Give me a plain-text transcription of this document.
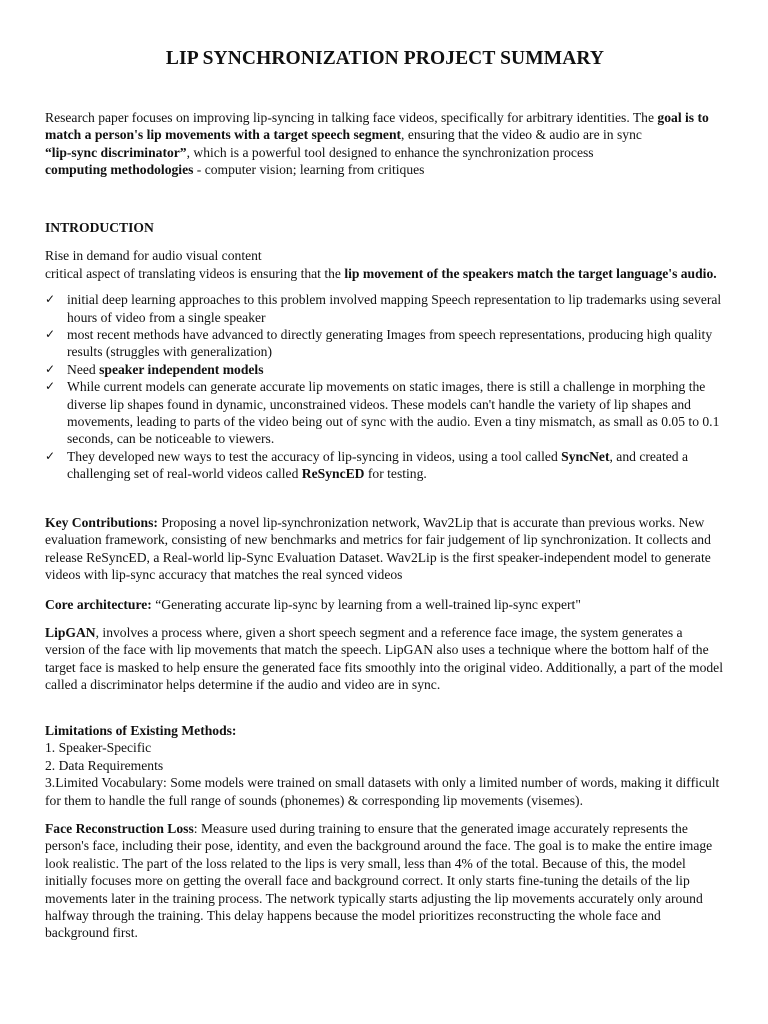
LIP SYNCHRONIZATION PROJECT SUMMARY

Research paper focuses on improving lip-syncing in talking face videos, specifically for arbitrary identities. The goal is to match a person's lip movements with a target speech segment, ensuring that the video & audio are in sync

“lip-sync discriminator”, which is a powerful tool designed to enhance the synchronization process

computing methodologies - computer vision; learning from critiques

INTRODUCTION

Rise in demand for audio visual content

critical aspect of translating videos is ensuring that the lip movement of the speakers match the target language's audio.

✓ initial deep learning approaches to this problem involved mapping Speech representation to lip trademarks using several hours of video from a single speaker
✓ most recent methods have advanced to directly generating Images from speech representations, producing high quality results (struggles with generalization)
✓ Need speaker independent models
✓ While current models can generate accurate lip movements on static images, there is still a challenge in morphing the diverse lip shapes found in dynamic, unconstrained videos. These models can't handle the variety of lip shapes and movements, leading to parts of the video being out of sync with the audio. Even a tiny mismatch, as small as 0.05 to 0.1 seconds, can be noticeable to viewers.
✓ They developed new ways to test the accuracy of lip-syncing in videos, using a tool called SyncNet, and created a challenging set of real-world videos called ReSyncED for testing.

Key Contributions: Proposing a novel lip-synchronization network, Wav2Lip that is accurate than previous works. New evaluation framework, consisting of new benchmarks and metrics for fair judgement of lip synchronization. It collects and release ReSyncED, a Real-world lip-Sync Evaluation Dataset. Wav2Lip is the first speaker-independent model to generate videos with lip-sync accuracy that matches the real synced videos

Core architecture: “Generating accurate lip-sync by learning from a well-trained lip-sync expert"

LipGAN, involves a process where, given a short speech segment and a reference face image, the system generates a version of the face with lip movements that match the speech. LipGAN also uses a technique where the bottom half of the target face is masked to help ensure the generated face fits smoothly into the original video. Additionally, a part of the model called a discriminator helps determine if the audio and video are in sync.

Limitations of Existing Methods:

1. Speaker-Specific

2. Data Requirements

3.Limited Vocabulary: Some models were trained on small datasets with only a limited number of words, making it difficult for them to handle the full range of sounds (phonemes) & corresponding lip movements (visemes).

Face Reconstruction Loss: Measure used during training to ensure that the generated image accurately represents the person's face, including their pose, identity, and even the background around the face. The goal is to make the entire image look realistic. The part of the loss related to the lips is very small, less than 4% of the total. Because of this, the model initially focuses more on getting the overall face and background correct. It only starts fine-tuning the details of the lip movements later in the training process. The network typically starts adjusting the lip movements accurately only around halfway through the training. This delay happens because the model prioritizes reconstructing the whole face and background first.
